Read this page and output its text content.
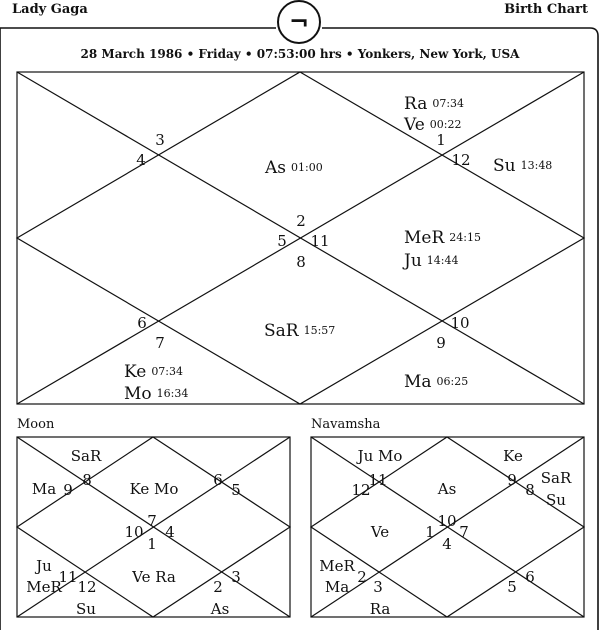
Lady Gaga	Birth Chart
28 March 1986 • Friday • 07:53:00 hrs • Yonkers, New York, USA
3
4
1
12
2
5 11
8
6
7
10
9
Ra 07:34
Ve 00:22
Su 13:48
As 01:00
MeR 24:15
Ju 14:44
SaR 15:57
Ke 07:34
Mo 16:34
Ma 06:25
8
9
6
5
7
10 4
1
11
12
3
2
SaR
Ma	Ke Mo
Ju
MeR
Ve Ra
Su	As
11
12
9
8
10
1 7
4
2
3
6
5
Ju Mo	Ke
SaR
Su
As
Ve
MeR
Ma
Ra
¬
Moon	Navamsha
